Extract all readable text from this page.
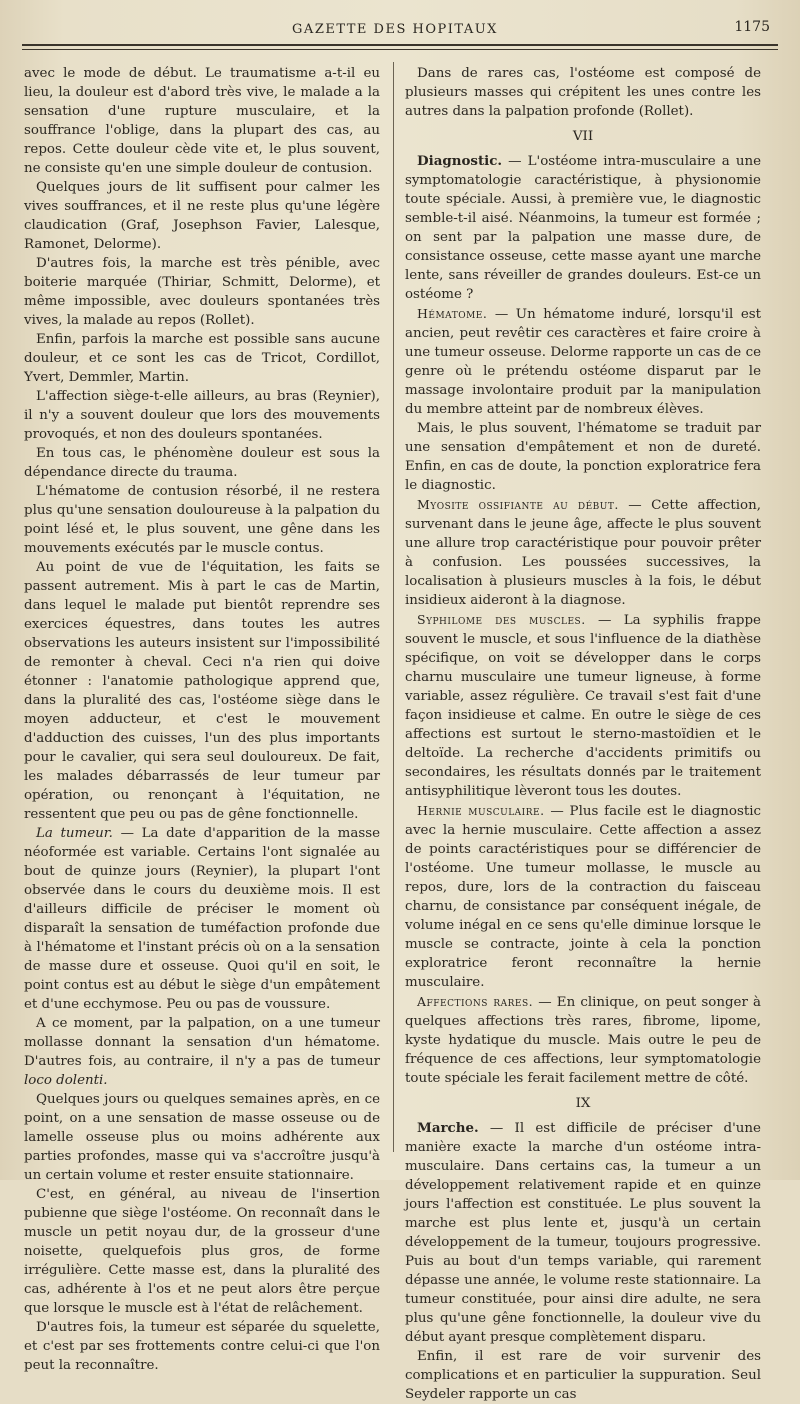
GAZETTE DES HOPITAUX	1175

avec le mode de début. Le traumatisme a-t-il eu lieu, la douleur est d'abord très vive, le malade a la sensation d'une rupture musculaire, et la souffrance l'oblige, dans la plupart des cas, au repos. Cette douleur cède vite et, le plus souvent, ne consiste qu'en une simple douleur de contusion.

Quelques jours de lit suffisent pour calmer les vives souffrances, et il ne reste plus qu'une légère claudication (Graf, Josephson Favier, Lalesque, Ramonet, Delorme).

D'autres fois, la marche est très pénible, avec boiterie marquée (Thiriar, Schmitt, Delorme), et même impossible, avec douleurs spontanées très vives, la malade au repos (Rollet).

Enfin, parfois la marche est possible sans aucune douleur, et ce sont les cas de Tricot, Cordillot, Yvert, Demmler, Martin.

L'affection siège-t-elle ailleurs, au bras (Reynier), il n'y a souvent douleur que lors des mouvements provoqués, et non des douleurs spontanées.

En tous cas, le phénomène douleur est sous la dépendance directe du trauma.

L'hématome de contusion résorbé, il ne restera plus qu'une sensation douloureuse à la palpation du point lésé et, le plus souvent, une gêne dans les mouvements exécutés par le muscle contus.

Au point de vue de l'équitation, les faits se passent autrement. Mis à part le cas de Martin, dans lequel le malade put bientôt reprendre ses exercices équestres, dans toutes les autres observations les auteurs insistent sur l'impossibilité de remonter à cheval. Ceci n'a rien qui doive étonner : l'anatomie pathologique apprend que, dans la pluralité des cas, l'ostéome siège dans le moyen adducteur, et c'est le mouvement d'adduction des cuisses, l'un des plus importants pour le cavalier, qui sera seul douloureux. De fait, les malades débarrassés de leur tumeur par opération, ou renonçant à l'équitation, ne ressentent que peu ou pas de gêne fonctionnelle.

La tumeur. — La date d'apparition de la masse néoformée est variable. Certains l'ont signalée au bout de quinze jours (Reynier), la plupart l'ont observée dans le cours du deuxième mois. Il est d'ailleurs difficile de préciser le moment où disparaît la sensation de tuméfaction profonde due à l'hématome et l'instant précis où on a la sensation de masse dure et osseuse. Quoi qu'il en soit, le point contus est au début le siège d'un empâtement et d'une ecchymose. Peu ou pas de voussure.

A ce moment, par la palpation, on a une tumeur mollasse donnant la sensation d'un hématome. D'autres fois, au contraire, il n'y a pas de tumeur loco dolenti.

Quelques jours ou quelques semaines après, en ce point, on a une sensation de masse osseuse ou de lamelle osseuse plus ou moins adhérente aux parties profondes, masse qui va s'accroître jusqu'à un certain volume et rester ensuite stationnaire.

C'est, en général, au niveau de l'insertion pubienne que siège l'ostéome. On reconnaît dans le muscle un petit noyau dur, de la grosseur d'une noisette, quelquefois plus gros, de forme irrégulière. Cette masse est, dans la pluralité des cas, adhérente à l'os et ne peut alors être perçue que lorsque le muscle est à l'état de relâchement.

D'autres fois, la tumeur est séparée du squelette, et c'est par ses frottements contre celui-ci que l'on peut la reconnaître.

Dans de rares cas, l'ostéome est composé de plusieurs masses qui crépitent les unes contre les autres dans la palpation profonde (Rollet).

VII

Diagnostic. — L'ostéome intra-musculaire a une symptomatologie caractéristique, à physionomie toute spéciale. Aussi, à première vue, le diagnostic semble-t-il aisé. Néanmoins, la tumeur est formée ; on sent par la palpation une masse dure, de consistance osseuse, cette masse ayant une marche lente, sans réveiller de grandes douleurs. Est-ce un ostéome ?

Hématome. — Un hématome induré, lorsqu'il est ancien, peut revêtir ces caractères et faire croire à une tumeur osseuse. Delorme rapporte un cas de ce genre où le prétendu ostéome disparut par le massage involontaire produit par la manipulation du membre atteint par de nombreux élèves.

Mais, le plus souvent, l'hématome se traduit par une sensation d'empâtement et non de dureté. Enfin, en cas de doute, la ponction exploratrice fera le diagnostic.

Myosite ossifiante au début. — Cette affection, survenant dans le jeune âge, affecte le plus souvent une allure trop caractéristique pour pouvoir prêter à confusion. Les poussées successives, la localisation à plusieurs muscles à la fois, le début insidieux aideront à la diagnose.

Syphilome des muscles. — La syphilis frappe souvent le muscle, et sous l'influence de la diathèse spécifique, on voit se développer dans le corps charnu musculaire une tumeur ligneuse, à forme variable, assez régulière. Ce travail s'est fait d'une façon insidieuse et calme. En outre le siège de ces affections est surtout le sterno-mastoïdien et le deltoïde. La recherche d'accidents primitifs ou secondaires, les résultats donnés par le traitement antisyphilitique lèveront tous les doutes.

Hernie musculaire. — Plus facile est le diagnostic avec la hernie musculaire. Cette affection a assez de points caractéristiques pour se différencier de l'ostéome. Une tumeur mollasse, le muscle au repos, dure, lors de la contraction du faisceau charnu, de consistance par conséquent inégale, de volume inégal en ce sens qu'elle diminue lorsque le muscle se contracte, jointe à cela la ponction exploratrice feront reconnaître la hernie musculaire.

Affections rares. — En clinique, on peut songer à quelques affections très rares, fibrome, lipome, kyste hydatique du muscle. Mais outre le peu de fréquence de ces affections, leur symptomatologie toute spéciale les ferait facilement mettre de côté.

IX

Marche. — Il est difficile de préciser d'une manière exacte la marche d'un ostéome intra-musculaire. Dans certains cas, la tumeur a un développement relativement rapide et en quinze jours l'affection est constituée. Le plus souvent la marche est plus lente et, jusqu'à un certain développement de la tumeur, toujours progressive. Puis au bout d'un temps variable, qui rarement dépasse une année, le volume reste stationnaire. La tumeur constituée, pour ainsi dire adulte, ne sera plus qu'une gêne fonctionnelle, la douleur vive du début ayant presque complètement disparu.

Enfin, il est rare de voir survenir des complications et en particulier la suppuration. Seul Seydeler rapporte un cas
